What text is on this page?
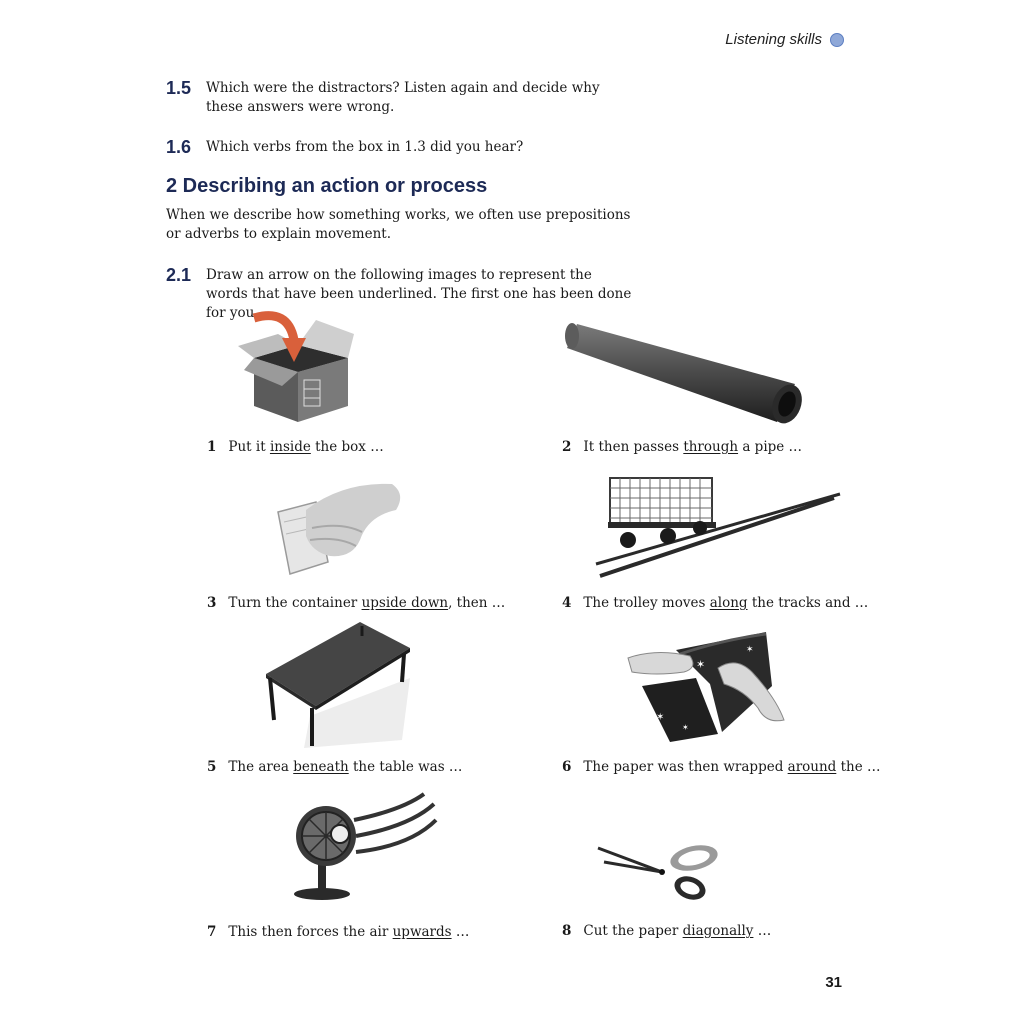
Listening skills
1.5	Which were the distractors? Listen again and decide why these answers were wrong.
1.6	Which verbs from the box in 1.3 did you hear?
2 Describing an action or process

When we describe how something works, we often use prepositions or adverbs to explain movement.

2.1	Draw an arrow on the following images to represent the words that have been underlined. The first one has been done for you.
1 Put it inside the box …	2 It then passes through a pipe …
3 Turn the container upside down, then …	4 The trolley moves along the tracks and …
✶
✶
✶
✶
5 The area beneath the table was …	6 The paper was then wrapped around the …
7 This then forces the air upwards …	8 Cut the paper diagonally …
31
